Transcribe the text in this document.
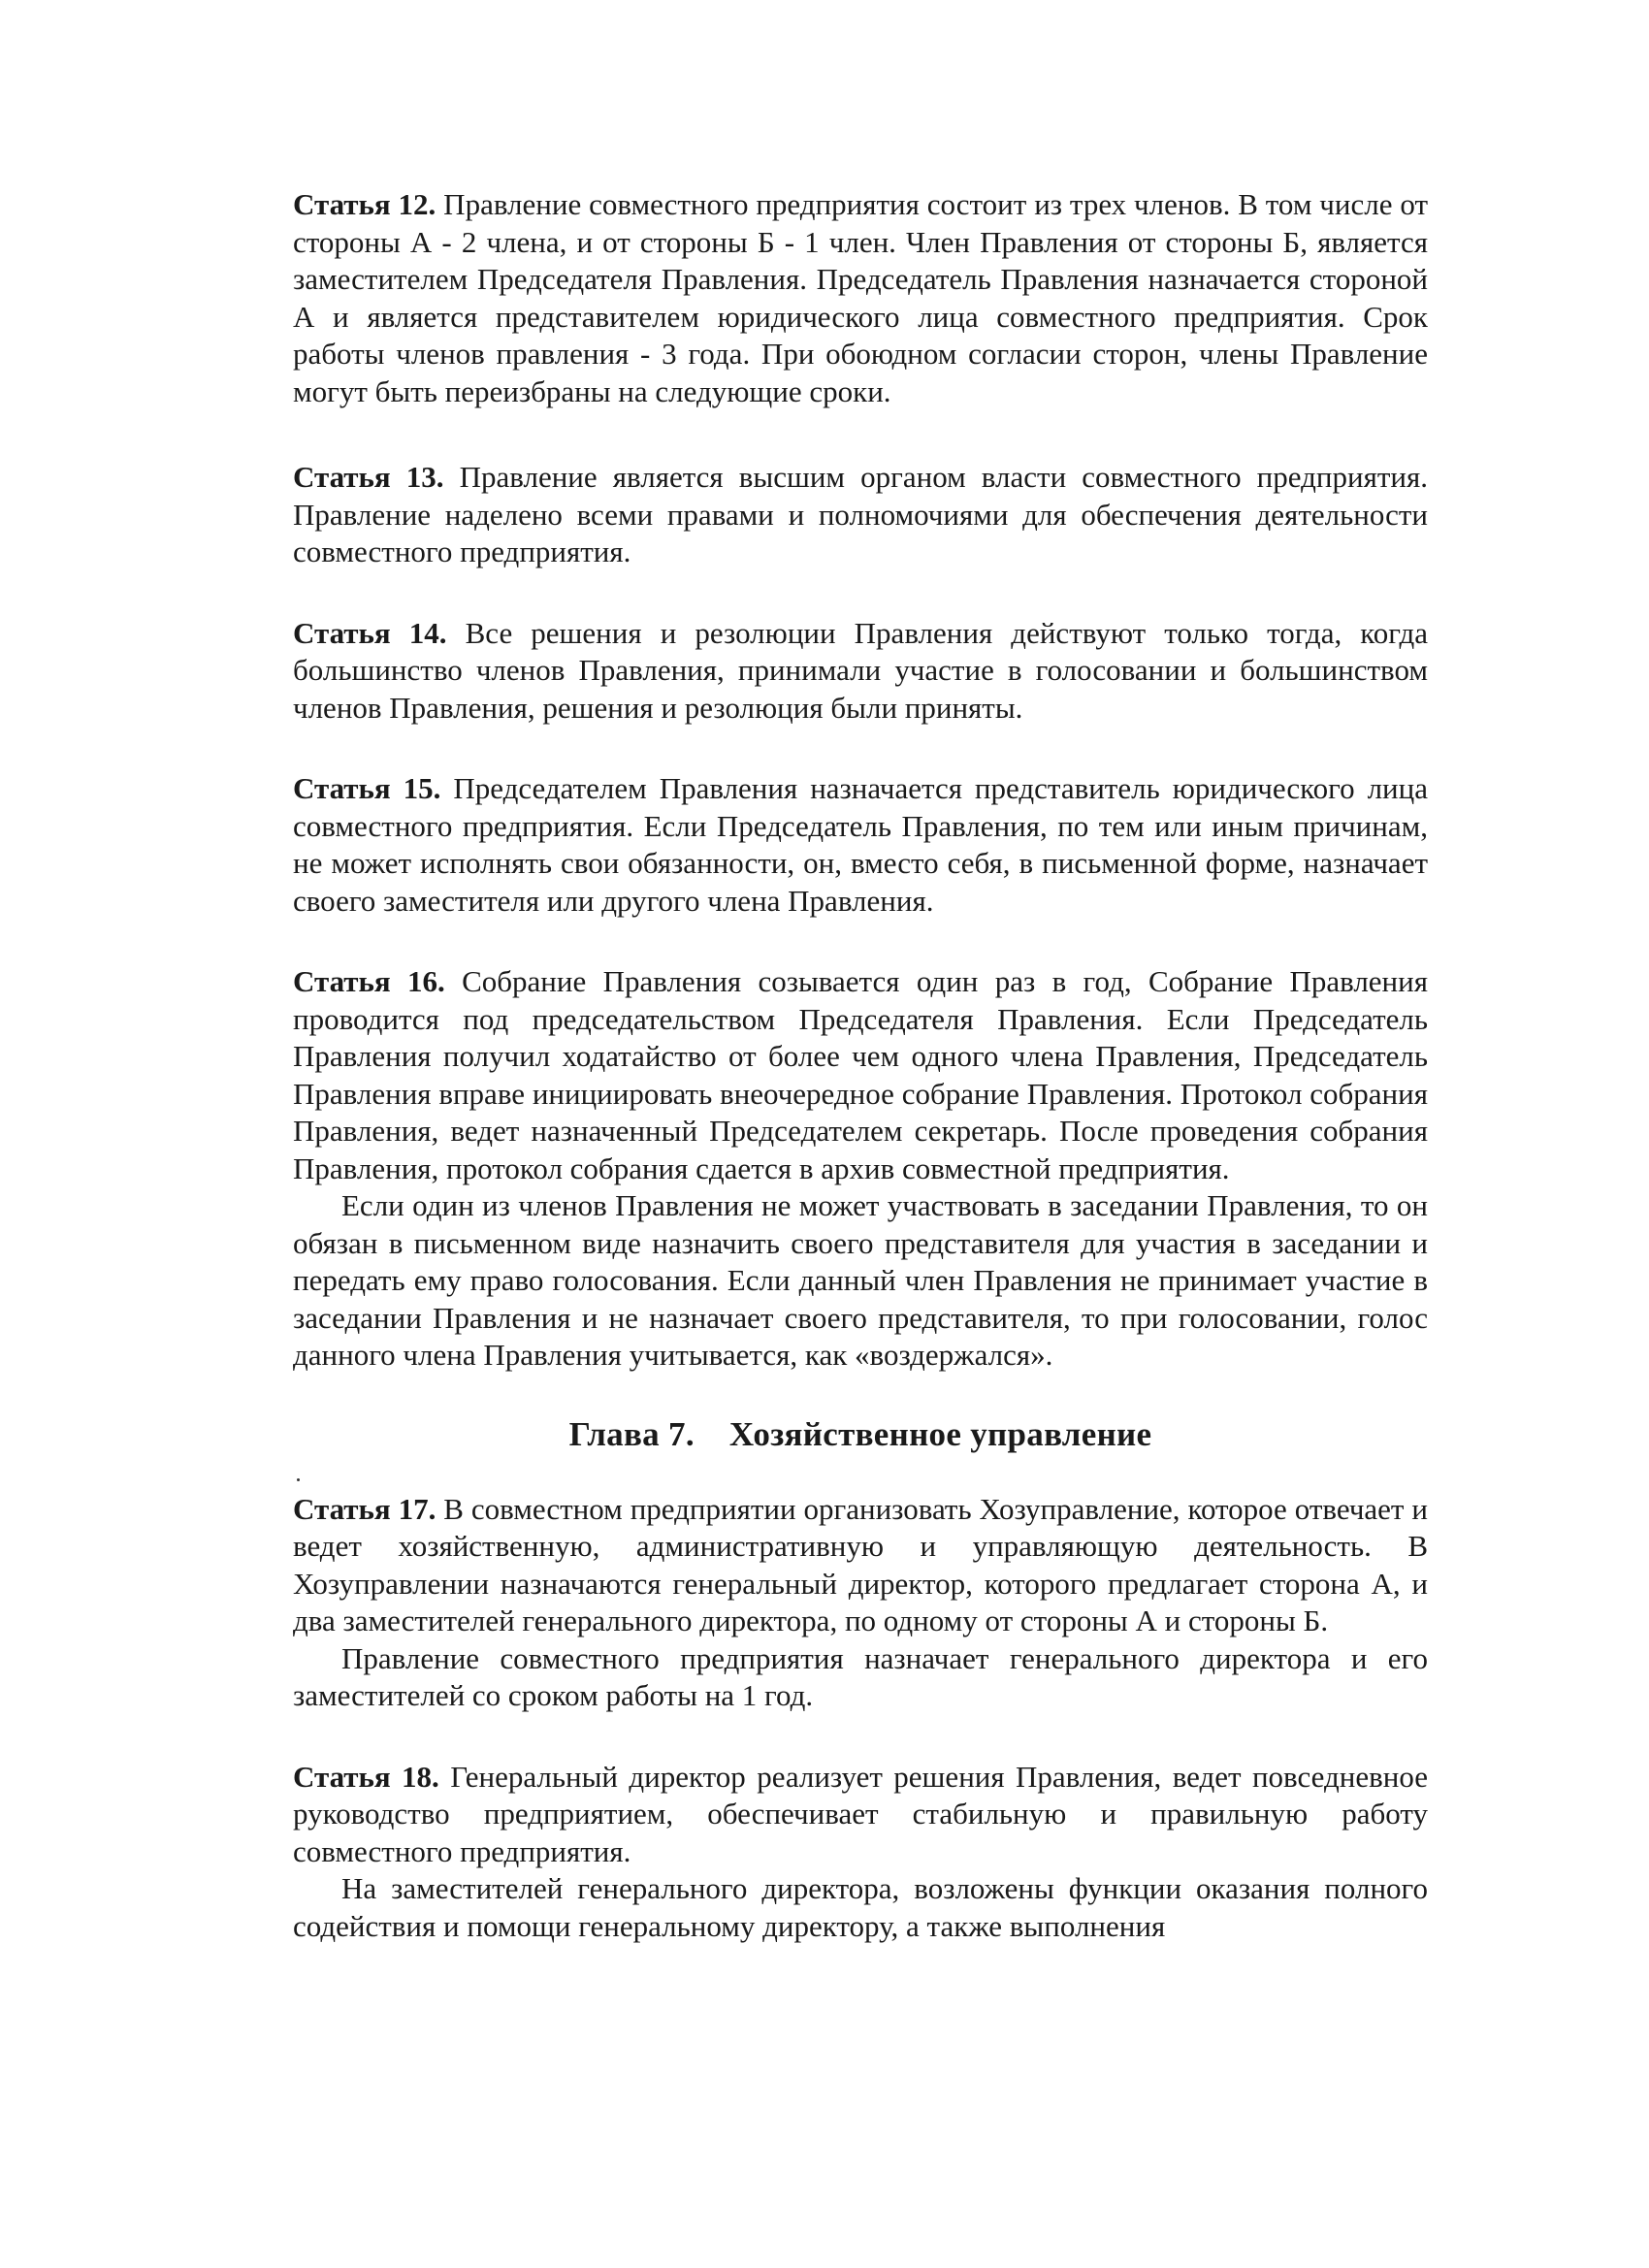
Статья 12. Правление совместного предприятия состоит из трех членов. В том числе от стороны А - 2 члена, и от стороны Б - 1 член. Член Правления от стороны Б, является заместителем Председателя Правления. Председатель Правления назначается стороной А и является представителем юридического лица совместного предприятия. Срок работы членов правления - 3 года. При обоюдном согласии сторон, члены Правление могут быть переизбраны на следующие сроки.

Статья 13. Правление является высшим органом власти совместного предприятия. Правление наделено всеми правами и полномочиями для обеспечения деятельности совместного предприятия.

Статья 14. Все решения и резолюции Правления действуют только тогда, когда большинство членов Правления, принимали участие в голосовании и большинством членов Правления, решения и резолюция были приняты.

Статья 15. Председателем Правления назначается представитель юридического лица совместного предприятия. Если Председатель Правления, по тем или иным причинам, не может исполнять свои обязанности, он, вместо себя, в письменной форме, назначает своего заместителя или другого члена Правления.

Статья 16. Собрание Правления созывается один раз в год, Собрание Правления проводится под председательством Председателя Правления. Если Председатель Правления получил ходатайство от более чем одного члена Правления, Председатель Правления вправе инициировать внеочередное собрание Правления. Протокол собрания Правления, ведет назначенный Председателем секретарь. После проведения собрания Правления, протокол собрания сдается в архив совместной предприятия.

Если один из членов Правления не может участвовать в заседании Правления, то он обязан в письменном виде назначить своего представителя для участия в заседании и передать ему право голосования. Если данный член Правления не принимает участие в заседании Правления и не назначает своего представителя, то при голосовании, голос данного члена Правления учитывается, как «воздержался».

Глава 7. Хозяйственное управление

Статья 17. В совместном предприятии организовать Хозуправление, которое отвечает и ведет хозяйственную, административную и управляющую деятельность. В Хозуправлении назначаются генеральный директор, которого предлагает сторона А, и два заместителей генерального директора, по одному от стороны А и стороны Б.

Правление совместного предприятия назначает генерального директора и его заместителей со сроком работы на 1 год.

Статья 18. Генеральный директор реализует решения Правления, ведет повседневное руководство предприятием, обеспечивает стабильную и правильную работу совместного предприятия.

На заместителей генерального директора, возложены функции оказания полного содействия и помощи генеральному директору, а также выполнения
